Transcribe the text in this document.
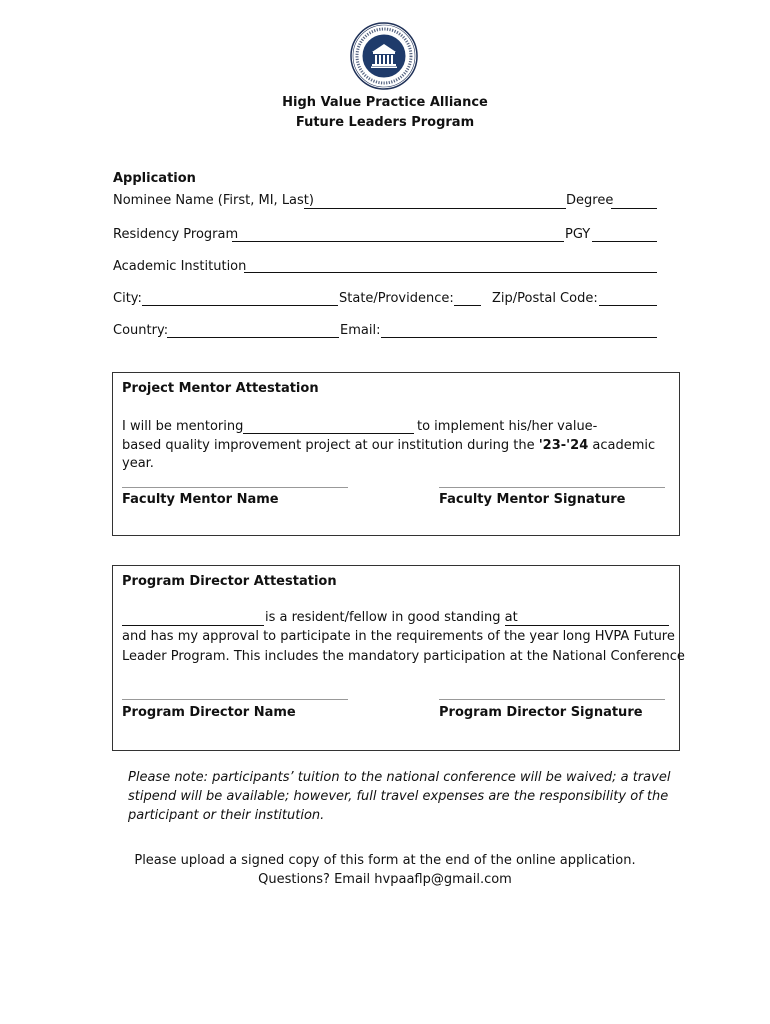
High Value Practice Alliance
Future Leaders Program
Application
Nominee Name (First, MI, Last)	Degree
Residency Program	PGY
Academic Institution
City:	State/Providence:	Zip/Postal Code:
Country:	Email:
Project Mentor Attestation
I will be mentoring	to implement his/her value-
based quality improvement project at our institution during the '23-'24 academic
year.
Faculty Mentor Name	Faculty Mentor Signature
Program Director Attestation
is a resident/fellow in good standing at
and has my approval to participate in the requirements of the year long HVPA Future
Leader Program. This includes the mandatory participation at the National Conference
Program Director Name	Program Director Signature
Please note: participants’ tuition to the national conference will be waived; a travel
stipend will be available; however, full travel expenses are the responsibility of the
participant or their institution.
Please upload a signed copy of this form at the end of the online application.
Questions? Email hvpaaflp@gmail.com
